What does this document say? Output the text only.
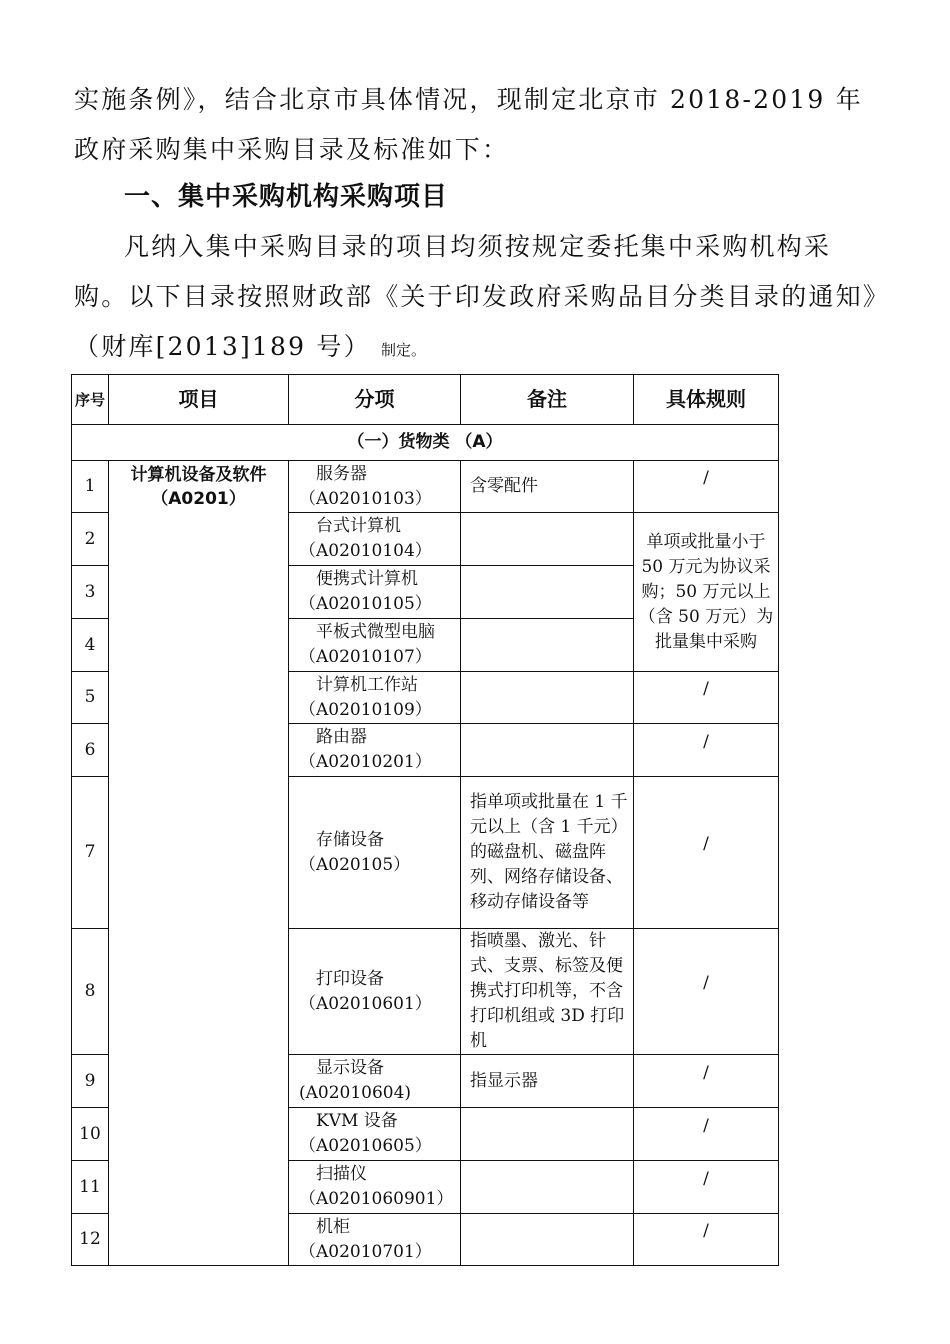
实施条例》，结合北京市具体情况，现制定北京市 2018-2019 年政府采购集中采购目录及标准如下：
一、集中采购机构采购项目
凡纳入集中采购目录的项目均须按规定委托集中采购机构采购。以下目录按照财政部《关于印发政府采购品目分类目录的通知》（财库[2013]189 号） 制定。
序号	项目	分项	备注	具体规则
（一）货物类 （A）				
1	计算机设备及软件（A0201）	服务器
（A02010103）	含零配件	/
2		台式计算机
（A02010104）		单项或批量小于 50 万元为协议采购；50 万元以上（含 50 万元）为批量集中采购
3		便携式计算机
（A02010105）		
4		平板式微型电脑
（A02010107）		
5		计算机工作站
（A02010109）		/
6		路由器
（A02010201）		/
7		存储设备
（A020105）	指单项或批量在 1 千元以上（含 1 千元）的磁盘机、磁盘阵列、网络存储设备、移动存储设备等	/
8		打印设备
（A02010601）	指喷墨、激光、针式、支票、标签及便携式打印机等，不含打印机组或 3D 打印机	/
9		显示设备
(A02010604)	指显示器	/
10		KVM 设备
（A02010605）		/
11		扫描仪
（A0201060901）		/
12		机柜
（A02010701）		/
